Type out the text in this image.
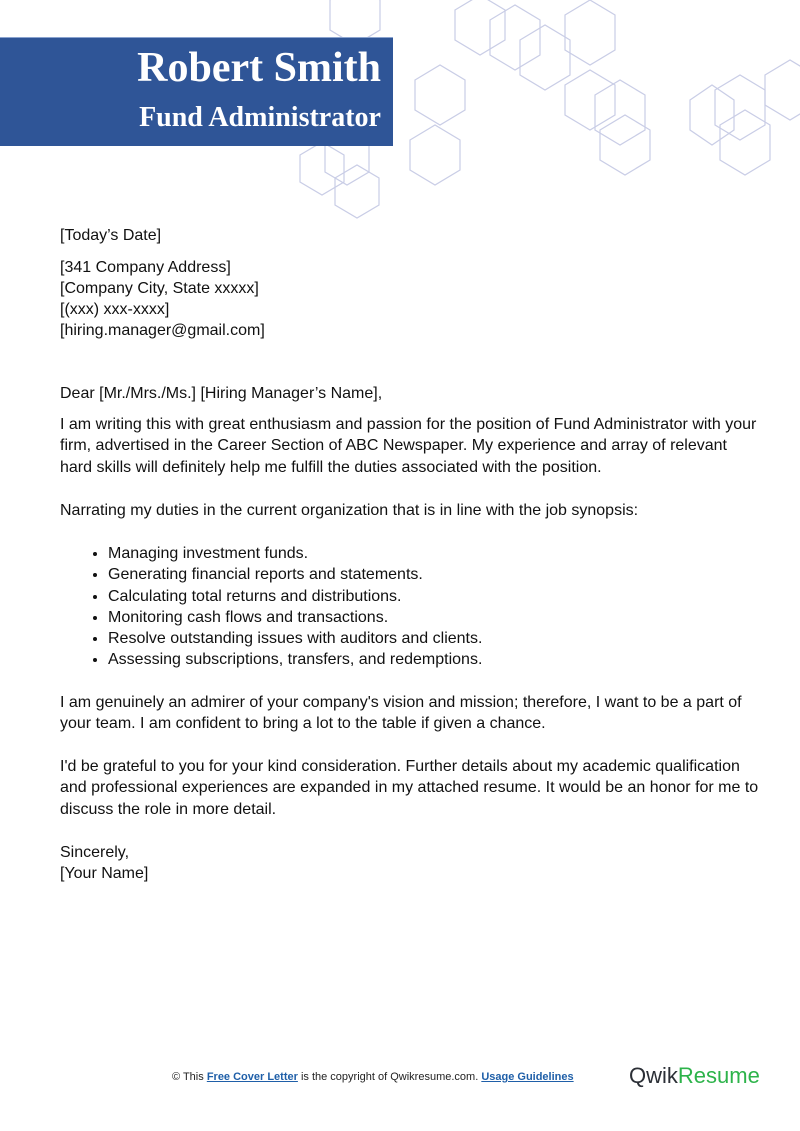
Robert Smith
Fund Administrator
[Today’s Date]
[341 Company Address]
[Company City, State xxxxx]
[(xxx) xxx-xxxx]
[hiring.manager@gmail.com]
Dear [Mr./Mrs./Ms.] [Hiring Manager’s Name],
I am writing this with great enthusiasm and passion for the position of Fund Administrator with your firm, advertised in the Career Section of ABC Newspaper. My experience and array of relevant hard skills will definitely help me fulfill the duties associated with the position.
Narrating my duties in the current organization that is in line with the job synopsis:
• Managing investment funds.
• Generating financial reports and statements.
• Calculating total returns and distributions.
• Monitoring cash flows and transactions.
• Resolve outstanding issues with auditors and clients.
• Assessing subscriptions, transfers, and redemptions.
I am genuinely an admirer of your company's vision and mission; therefore, I want to be a part of your team. I am confident to bring a lot to the table if given a chance.
I'd be grateful to you for your kind consideration. Further details about my academic qualification and professional experiences are expanded in my attached resume. It would be an honor for me to discuss the role in more detail.
Sincerely,
[Your Name]
© This Free Cover Letter is the copyright of Qwikresume.com. Usage Guidelines	QwikResume
